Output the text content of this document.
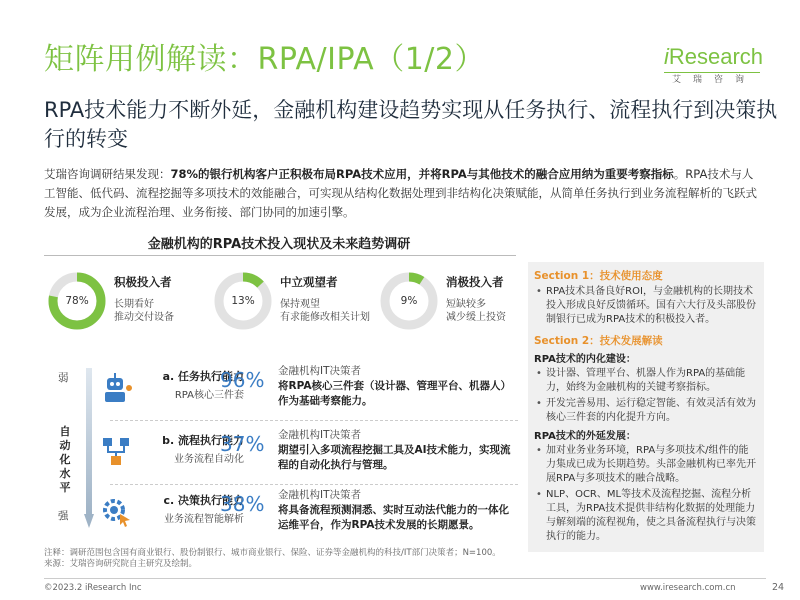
矩阵用例解读：RPA/IPA（1/2）	iResearch
艾瑞咨询
RPA技术能力不断外延，金融机构建设趋势实现从任务执行、流程执行到决策执行的转变
艾瑞咨询调研结果发现：78%的银行机构客户正积极布局RPA技术应用，并将RPA与其他技术的融合应用纳为重要考察指标。RPA技术与人工智能、低代码、流程挖掘等多项技术的效能融合，可实现从结构化数据处理到非结构化决策赋能，从简单任务执行到业务流程解析的飞跃式发展，成为企业流程治理、业务衔接、部门协同的加速引擎。
金融机构的RPA技术投入现状及未来趋势调研
78%
积极投入者
长期看好
推动交付设备
13%
中立观望者
保持观望
有求能修改相关计划
9%
消极投入者
短缺较多
减少缓上投资
弱
自动化水平
强
a. 任务执行能力
RPA核心三件套
96% 金融机构IT决策者
将RPA核心三件套（设计器、管理平台、机器人）作为基础考察能力。
b. 流程执行能力
业务流程自动化
37% 金融机构IT决策者
期望引入多项流程挖掘工具及AI技术能力，实现流程的自动化执行与管理。
c. 决策执行能力
业务流程智能解析
38% 金融机构IT决策者
将具备流程预测洞悉、实时互动法代能力的一体化运维平台，作为RPA技术发展的长期愿景。
Section 1：技术使用态度
• RPA技术具备良好ROI，与金融机构的长期技术投入形成良好反馈循环。国有六大行及头部股份制银行已成为RPA技术的积极投入者。
Section 2：技术发展解读
RPA技术的内化建设：
• 设计器、管理平台、机器人作为RPA的基础能力，始终为金融机构的关键考察指标。
• 开发完善易用、运行稳定智能、有效灵活有效为核心三件套的内化提升方向。
RPA技术的外延发展：
• 加对业务业务环境，RPA与多项技术/组件的能力集成已成为长期趋势。头部金融机构已率先开展RPA与多项技术的融合战略。
• NLP、OCR、ML等技术及流程挖掘、流程分析工具，为RPA技术提供非结构化数据的处理能力与解刻端的流程视角，使之具备流程执行与决策执行的能力。
注释：调研范围包含国有商业银行、股份制银行、城市商业银行、保险、证券等金融机构的科技/IT部门决策者；N=100。
来源：艾瑞咨询研究院自主研究及绘制。
©2023.2 iResearch Inc	www.iresearch.com.cn	24
